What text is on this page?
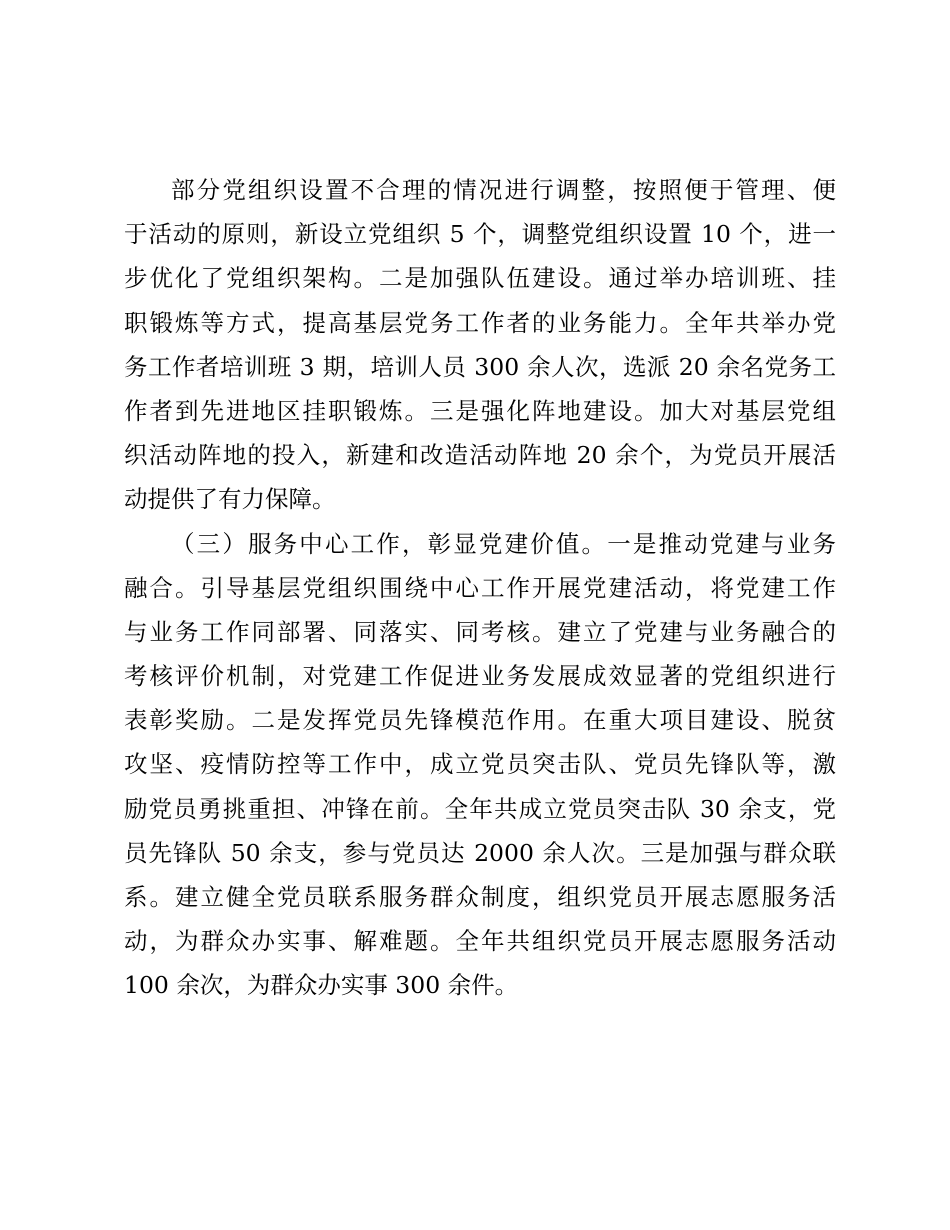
部分党组织设置不合理的情况进行调整，按照便于管理、便
于活动的原则，新设立党组织 5 个，调整党组织设置 10 个，进一
步优化了党组织架构。二是加强队伍建设。通过举办培训班、挂
职锻炼等方式，提高基层党务工作者的业务能力。全年共举办党
务工作者培训班 3 期，培训人员 300 余人次，选派 20 余名党务工
作者到先进地区挂职锻炼。三是强化阵地建设。加大对基层党组
织活动阵地的投入，新建和改造活动阵地 20 余个，为党员开展活
动提供了有力保障。
（三）服务中心工作，彰显党建价值。一是推动党建与业务
融合。引导基层党组织围绕中心工作开展党建活动，将党建工作
与业务工作同部署、同落实、同考核。建立了党建与业务融合的
考核评价机制，对党建工作促进业务发展成效显著的党组织进行
表彰奖励。二是发挥党员先锋模范作用。在重大项目建设、脱贫
攻坚、疫情防控等工作中，成立党员突击队、党员先锋队等，激
励党员勇挑重担、冲锋在前。全年共成立党员突击队 30 余支，党
员先锋队 50 余支，参与党员达 2000 余人次。三是加强与群众联
系。建立健全党员联系服务群众制度，组织党员开展志愿服务活
动，为群众办实事、解难题。全年共组织党员开展志愿服务活动
100 余次，为群众办实事 300 余件。
